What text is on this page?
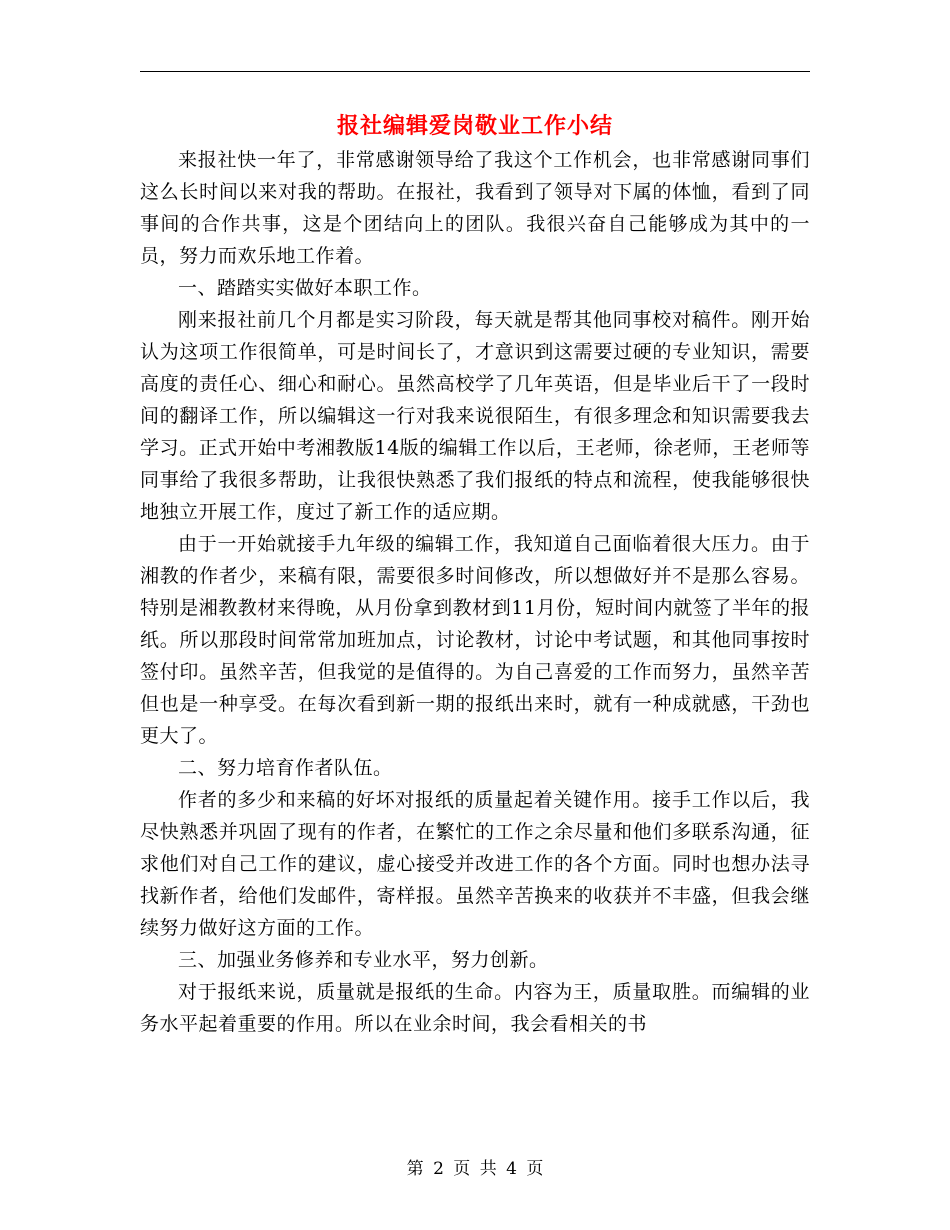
报社编辑爱岗敬业工作小结

来报社快一年了，非常感谢领导给了我这个工作机会，也非常感谢同事们这么长时间以来对我的帮助。在报社，我看到了领导对下属的体恤，看到了同事间的合作共事，这是个团结向上的团队。我很兴奋自己能够成为其中的一员，努力而欢乐地工作着。

一、踏踏实实做好本职工作。

刚来报社前几个月都是实习阶段，每天就是帮其他同事校对稿件。刚开始认为这项工作很简单，可是时间长了，才意识到这需要过硬的专业知识，需要高度的责任心、细心和耐心。虽然高校学了几年英语，但是毕业后干了一段时间的翻译工作，所以编辑这一行对我来说很陌生，有很多理念和知识需要我去学习。正式开始中考湘教版14版的编辑工作以后，王老师，徐老师，王老师等同事给了我很多帮助，让我很快熟悉了我们报纸的特点和流程，使我能够很快地独立开展工作，度过了新工作的适应期。

由于一开始就接手九年级的编辑工作，我知道自己面临着很大压力。由于湘教的作者少，来稿有限，需要很多时间修改，所以想做好并不是那么容易。特别是湘教教材来得晚，从月份拿到教材到11月份，短时间内就签了半年的报纸。所以那段时间常常加班加点，讨论教材，讨论中考试题，和其他同事按时签付印。虽然辛苦，但我觉的是值得的。为自己喜爱的工作而努力，虽然辛苦但也是一种享受。在每次看到新一期的报纸出来时，就有一种成就感，干劲也更大了。

二、努力培育作者队伍。

作者的多少和来稿的好坏对报纸的质量起着关键作用。接手工作以后，我尽快熟悉并巩固了现有的作者，在繁忙的工作之余尽量和他们多联系沟通，征求他们对自己工作的建议，虚心接受并改进工作的各个方面。同时也想办法寻找新作者，给他们发邮件，寄样报。虽然辛苦换来的收获并不丰盛，但我会继续努力做好这方面的工作。

三、加强业务修养和专业水平，努力创新。

对于报纸来说，质量就是报纸的生命。内容为王，质量取胜。而编辑的业务水平起着重要的作用。所以在业余时间，我会看相关的书

第 2 页 共 4 页
